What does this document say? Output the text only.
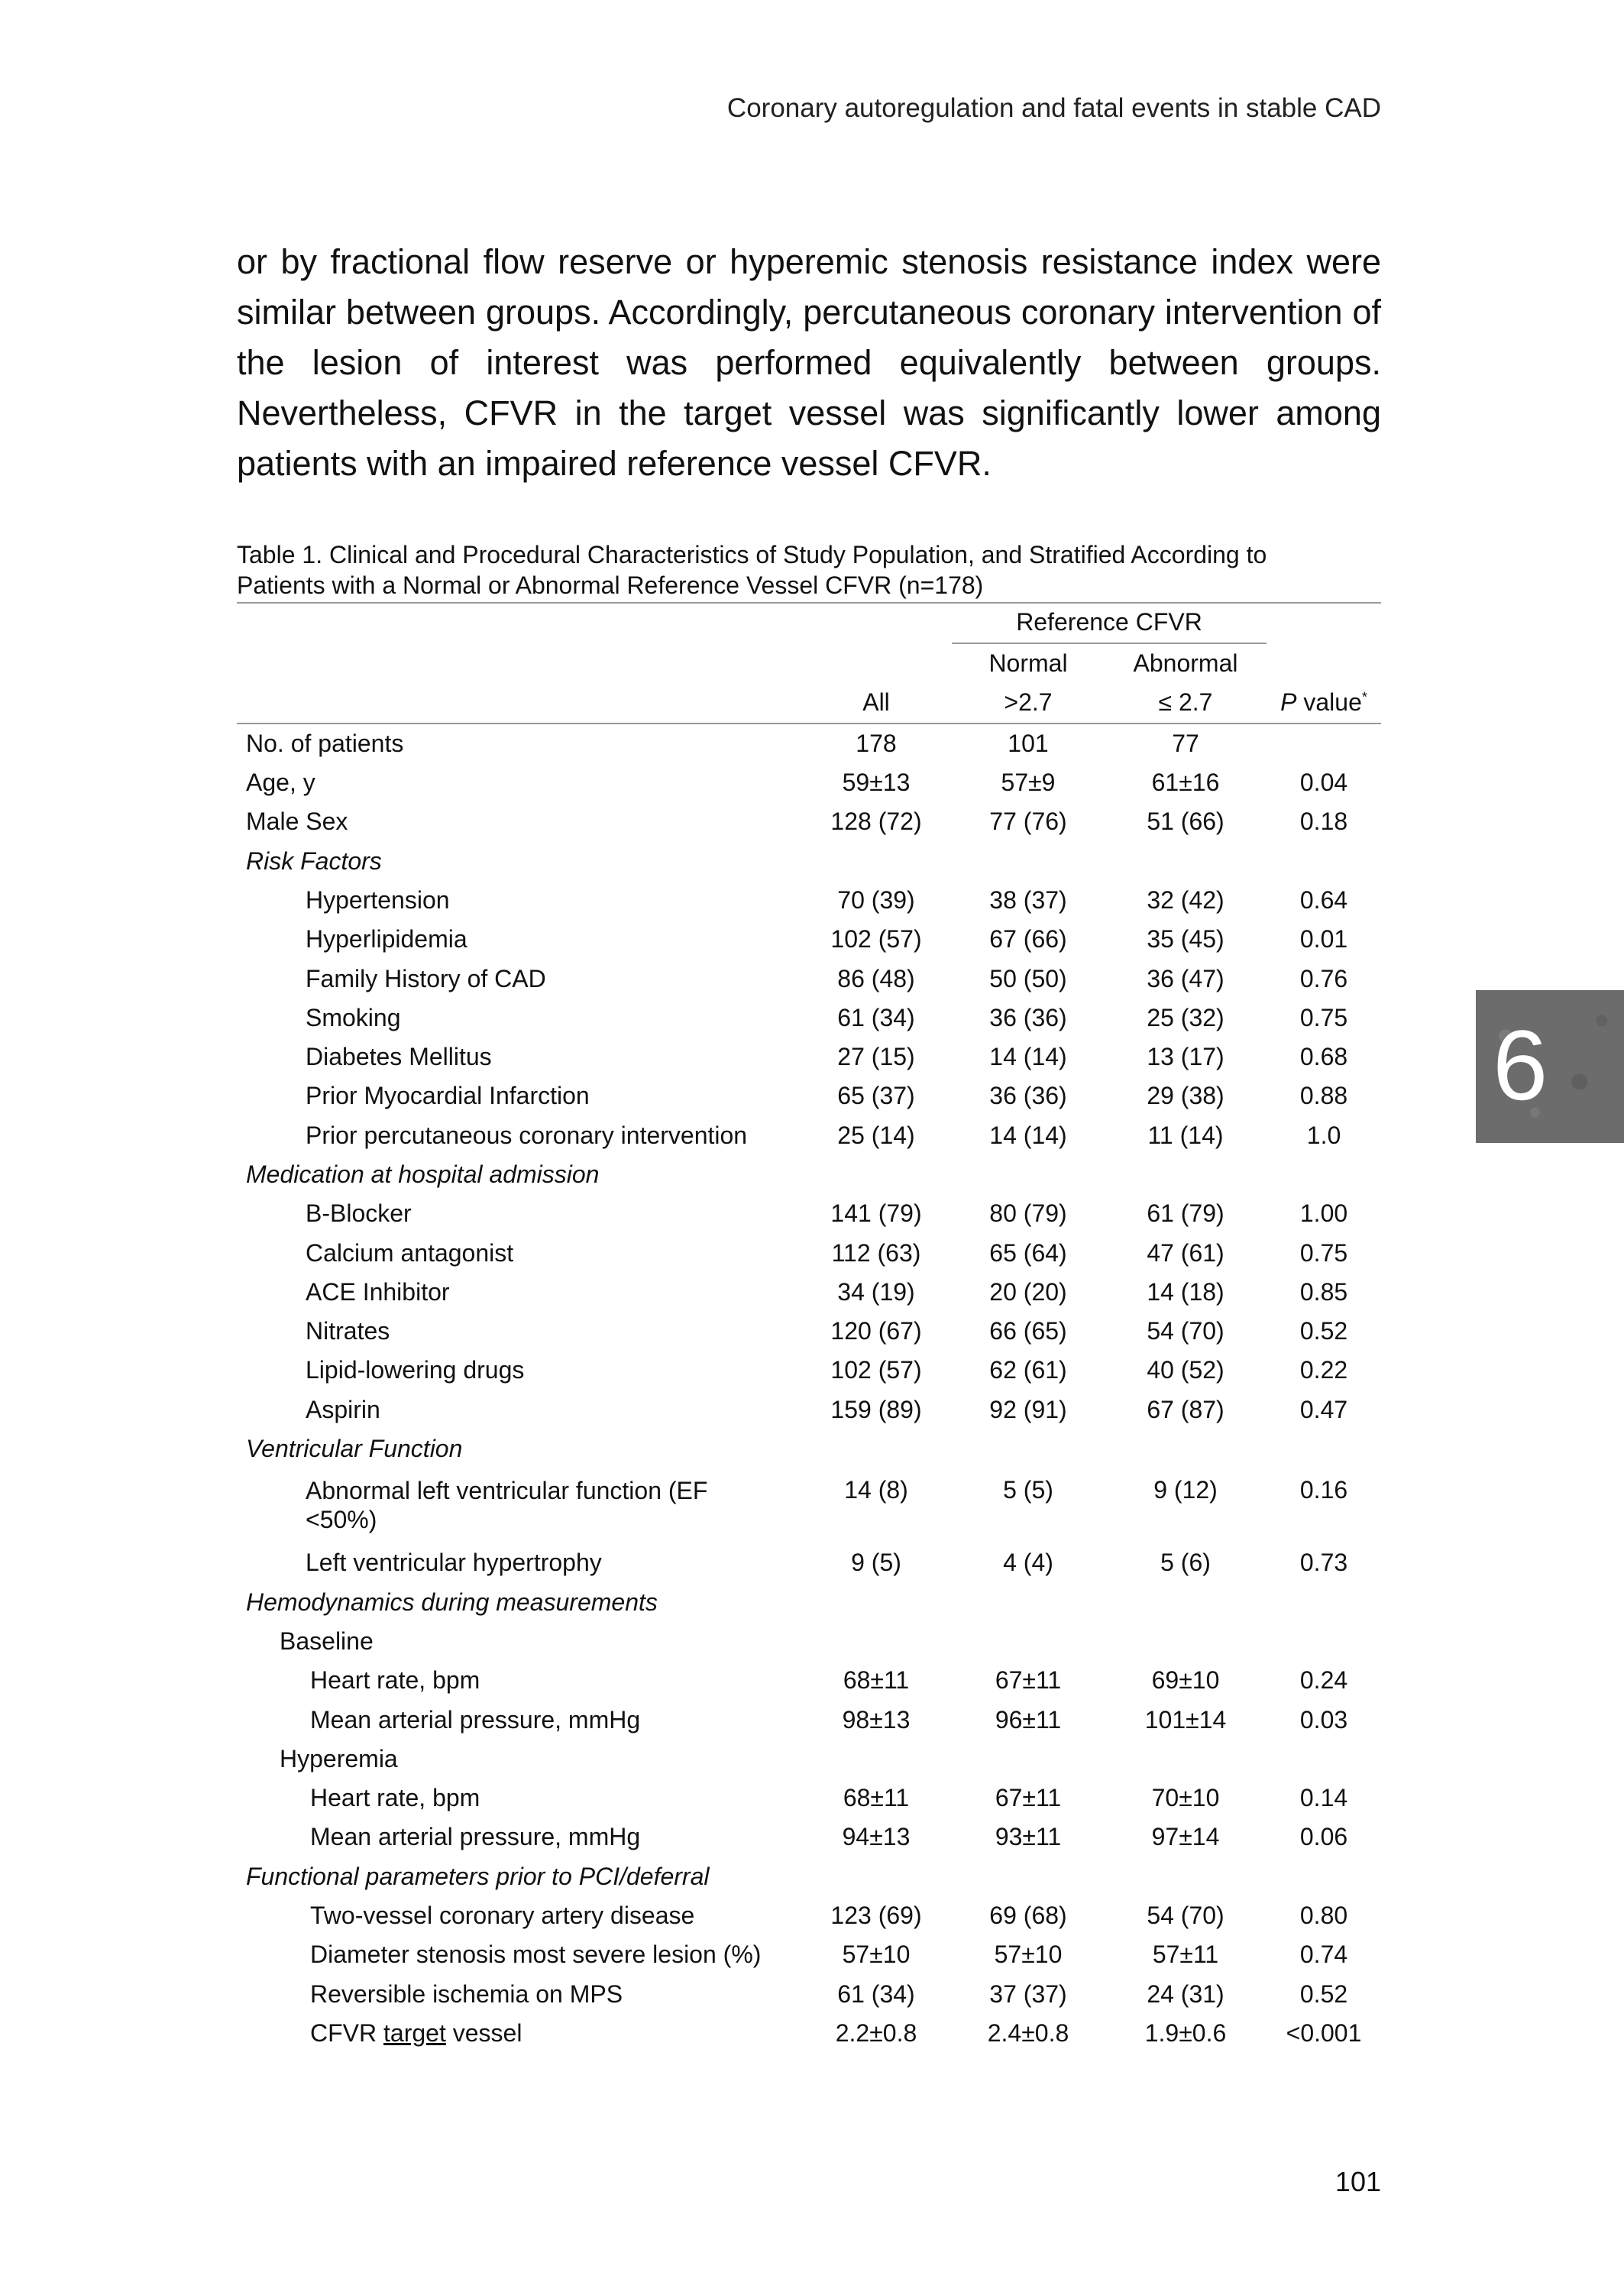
Coronary autoregulation and fatal events in stable CAD
or by fractional flow reserve or hyperemic stenosis resistance index were similar between groups. Accordingly, percutaneous coronary intervention of the lesion of interest was performed equivalently between groups. Nevertheless, CFVR in the target vessel was significantly lower among patients with an impaired reference vessel CFVR.
Table 1. Clinical and Procedural Characteristics of Study Population, and Stratified According to
Patients with a Normal or Abnormal Reference Vessel CFVR (n=178)

		Reference CFVR		

		Normal	Abnormal	
	All	>2.7	≤ 2.7	P value*
No. of patients	178	101	77	
Age, y	59±13	57±9	61±16	0.04
Male Sex	128 (72)	77 (76)	51 (66)	0.18
Risk Factors				
Hypertension	70 (39)	38 (37)	32 (42)	0.64
Hyperlipidemia	102 (57)	67 (66)	35 (45)	0.01
Family History of CAD	86 (48)	50 (50)	36 (47)	0.76
Smoking	61 (34)	36 (36)	25 (32)	0.75
Diabetes Mellitus	27 (15)	14 (14)	13 (17)	0.68
Prior Myocardial Infarction	65 (37)	36 (36)	29 (38)	0.88
Prior percutaneous coronary intervention	25 (14)	14 (14)	11 (14)	1.0
Medication at hospital admission				
B-Blocker	141 (79)	80 (79)	61 (79)	1.00
Calcium antagonist	112 (63)	65 (64)	47 (61)	0.75
ACE Inhibitor	34 (19)	20 (20)	14 (18)	0.85
Nitrates	120 (67)	66 (65)	54 (70)	0.52
Lipid-lowering drugs	102 (57)	62 (61)	40 (52)	0.22
Aspirin	159 (89)	92 (91)	67 (87)	0.47
Ventricular Function				
Abnormal left ventricular function (EF <50%)	14 (8)	5 (5)	9 (12)	0.16
Left ventricular hypertrophy	9 (5)	4 (4)	5 (6)	0.73
Hemodynamics during measurements				
Baseline				
Heart rate, bpm	68±11	67±11	69±10	0.24
Mean arterial pressure, mmHg	98±13	96±11	101±14	0.03
Hyperemia				
Heart rate, bpm	68±11	67±11	70±10	0.14
Mean arterial pressure, mmHg	94±13	93±11	97±14	0.06
Functional parameters prior to PCI/deferral				
Two-vessel coronary artery disease	123 (69)	69 (68)	54 (70)	0.80
Diameter stenosis most severe lesion (%)	57±10	57±10	57±11	0.74
Reversible ischemia on MPS	61 (34)	37 (37)	24 (31)	0.52
CFVR target vessel	2.2±0.8	2.4±0.8	1.9±0.6	<0.001
6
101
